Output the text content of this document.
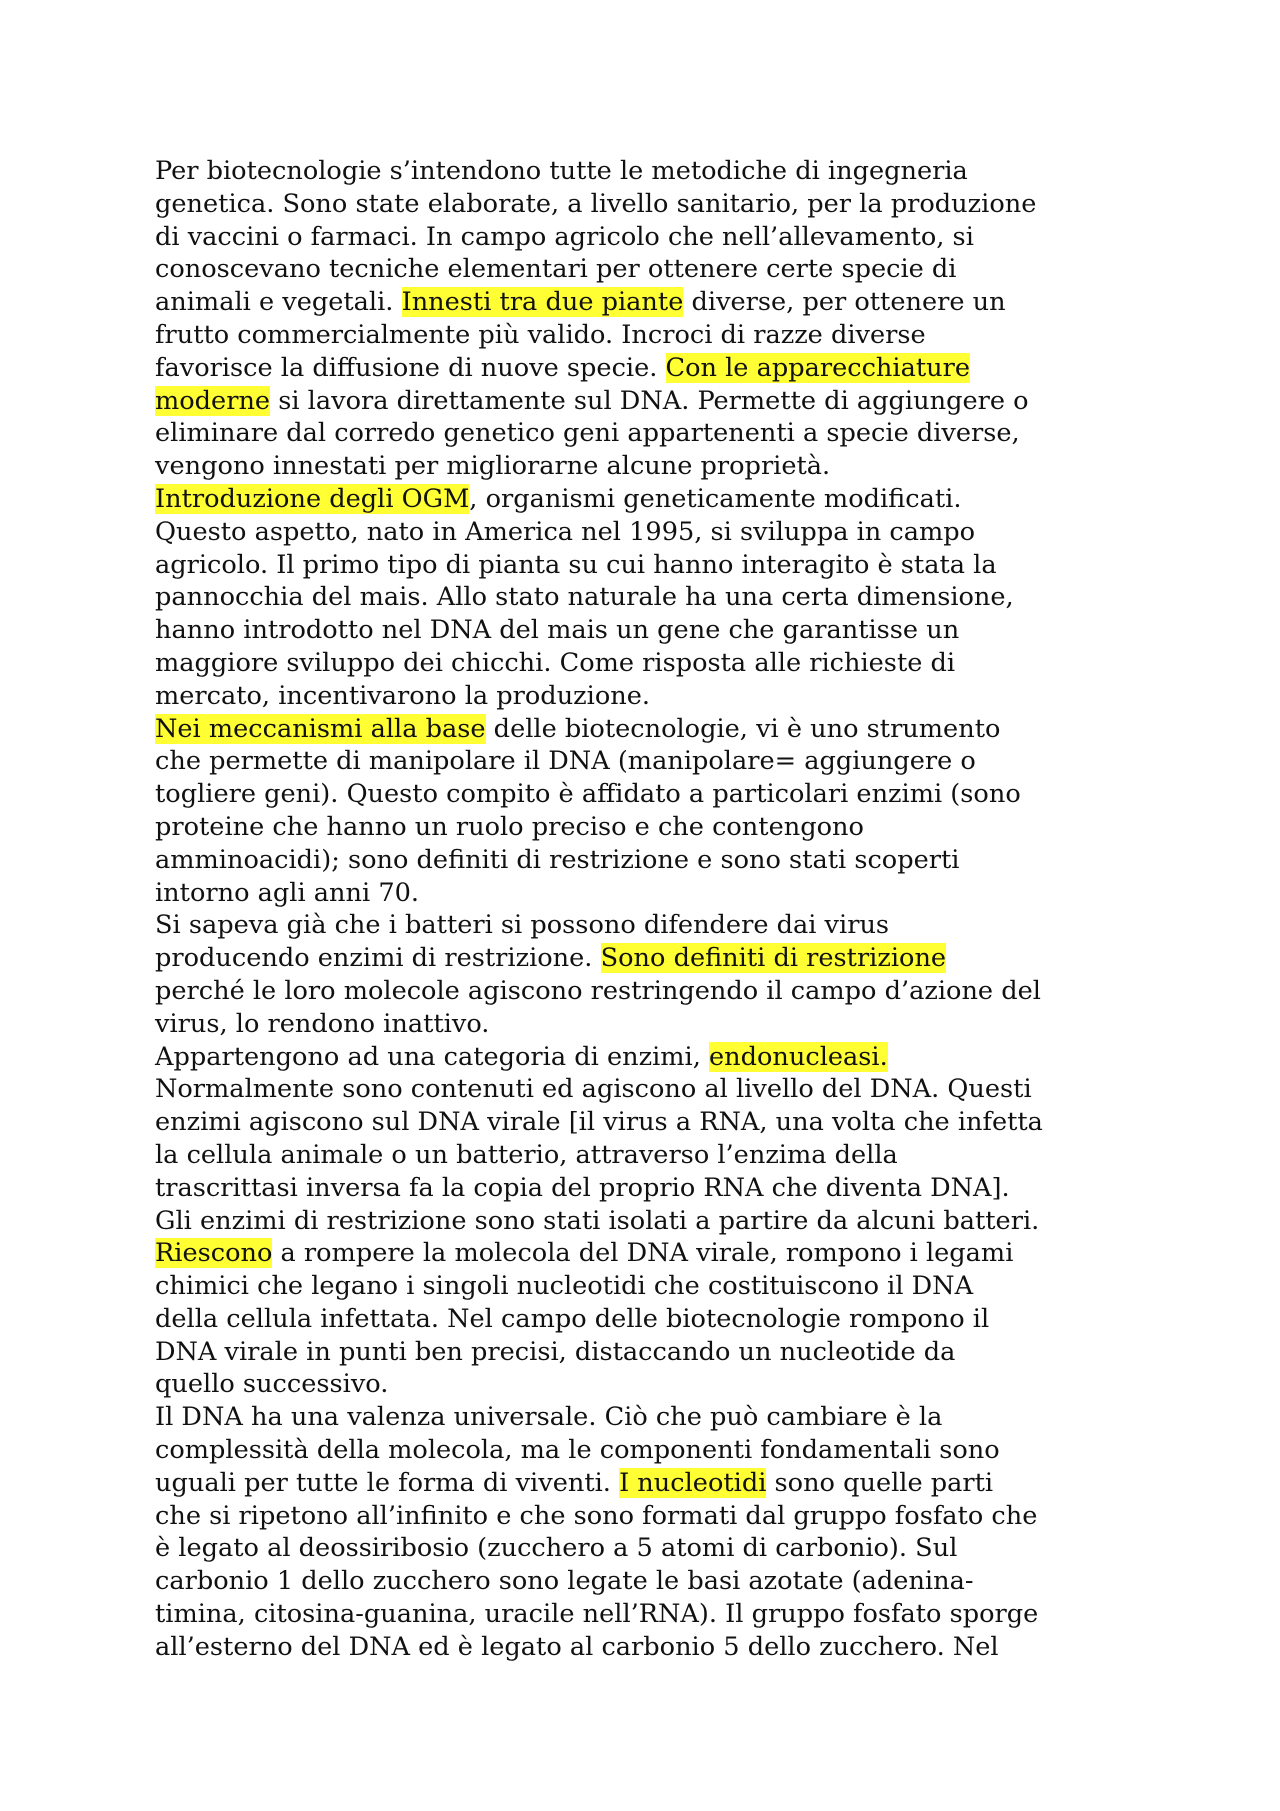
Per biotecnologie s’intendono tutte le metodiche di ingegneria
genetica. Sono state elaborate, a livello sanitario, per la produzione
di vaccini o farmaci. In campo agricolo che nell’allevamento, si
conoscevano tecniche elementari per ottenere certe specie di
animali e vegetali. Innesti tra due piante diverse, per ottenere un
frutto commercialmente più valido. Incroci di razze diverse
favorisce la diffusione di nuove specie. Con le apparecchiature
moderne si lavora direttamente sul DNA. Permette di aggiungere o
eliminare dal corredo genetico geni appartenenti a specie diverse,
vengono innestati per migliorarne alcune proprietà.
Introduzione degli OGM, organismi geneticamente modificati.
Questo aspetto, nato in America nel 1995, si sviluppa in campo
agricolo. Il primo tipo di pianta su cui hanno interagito è stata la
pannocchia del mais. Allo stato naturale ha una certa dimensione,
hanno introdotto nel DNA del mais un gene che garantisse un
maggiore sviluppo dei chicchi. Come risposta alle richieste di
mercato, incentivarono la produzione.
Nei meccanismi alla base delle biotecnologie, vi è uno strumento
che permette di manipolare il DNA (manipolare= aggiungere o
togliere geni). Questo compito è affidato a particolari enzimi (sono
proteine che hanno un ruolo preciso e che contengono
amminoacidi); sono definiti di restrizione e sono stati scoperti
intorno agli anni 70.
Si sapeva già che i batteri si possono difendere dai virus
producendo enzimi di restrizione. Sono definiti di restrizione
perché le loro molecole agiscono restringendo il campo d’azione del
virus, lo rendono inattivo.
Appartengono ad una categoria di enzimi, endonucleasi.
Normalmente sono contenuti ed agiscono al livello del DNA. Questi
enzimi agiscono sul DNA virale [il virus a RNA, una volta che infetta
la cellula animale o un batterio, attraverso l’enzima della
trascrittasi inversa fa la copia del proprio RNA che diventa DNA].
Gli enzimi di restrizione sono stati isolati a partire da alcuni batteri.
Riescono a rompere la molecola del DNA virale, rompono i legami
chimici che legano i singoli nucleotidi che costituiscono il DNA
della cellula infettata. Nel campo delle biotecnologie rompono il
DNA virale in punti ben precisi, distaccando un nucleotide da
quello successivo.
Il DNA ha una valenza universale. Ciò che può cambiare è la
complessità della molecola, ma le componenti fondamentali sono
uguali per tutte le forma di viventi. I nucleotidi sono quelle parti
che si ripetono all’infinito e che sono formati dal gruppo fosfato che
è legato al deossiribosio (zucchero a 5 atomi di carbonio). Sul
carbonio 1 dello zucchero sono legate le basi azotate (adenina-
timina, citosina-guanina, uracile nell’RNA). Il gruppo fosfato sporge
all’esterno del DNA ed è legato al carbonio 5 dello zucchero. Nel
